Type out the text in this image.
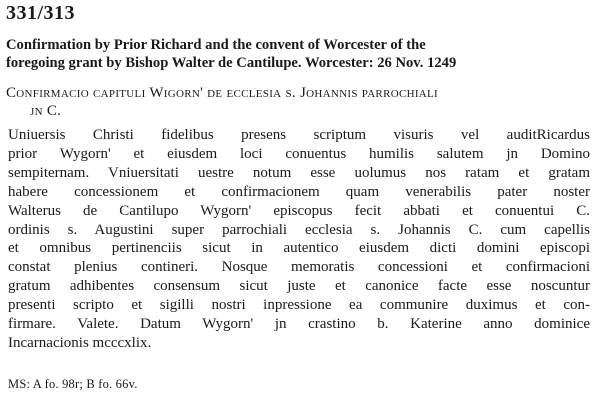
331/313
Confirmation by Prior Richard and the convent of Worcester of the
foregoing grant by Bishop Walter de Cantilupe. Worcester: 26 Nov. 1249
Confirmacio capituli Wigorn' de ecclesia s. Johannis parrochiali
jn C.
Uniuersis Christi fidelibus presens scriptum visuris vel auditRicardus
prior Wygorn' et eiusdem loci conuentus humilis salutem jn Domino
sempiternam. Vniuersitati uestre notum esse uolumus nos ratam et gratam
habere concessionem et confirmacionem quam venerabilis pater noster
Walterus de Cantilupo Wygorn' episcopus fecit abbati et conuentui C.
ordinis s. Augustini super parrochiali ecclesia s. Johannis C. cum capellis
et omnibus pertinenciis sicut in autentico eiusdem dicti domini episcopi
constat plenius contineri. Nosque memoratis concessioni et confirmacioni
gratum adhibentes consensum sicut juste et canonice facte esse noscuntur
presenti scripto et sigilli nostri inpressione ea communire duximus et con-
firmare. Valete. Datum Wygorn' jn crastino b. Katerine anno dominice
Incarnacionis mcccxlix.
MS: A fo. 98r; B fo. 66v.
